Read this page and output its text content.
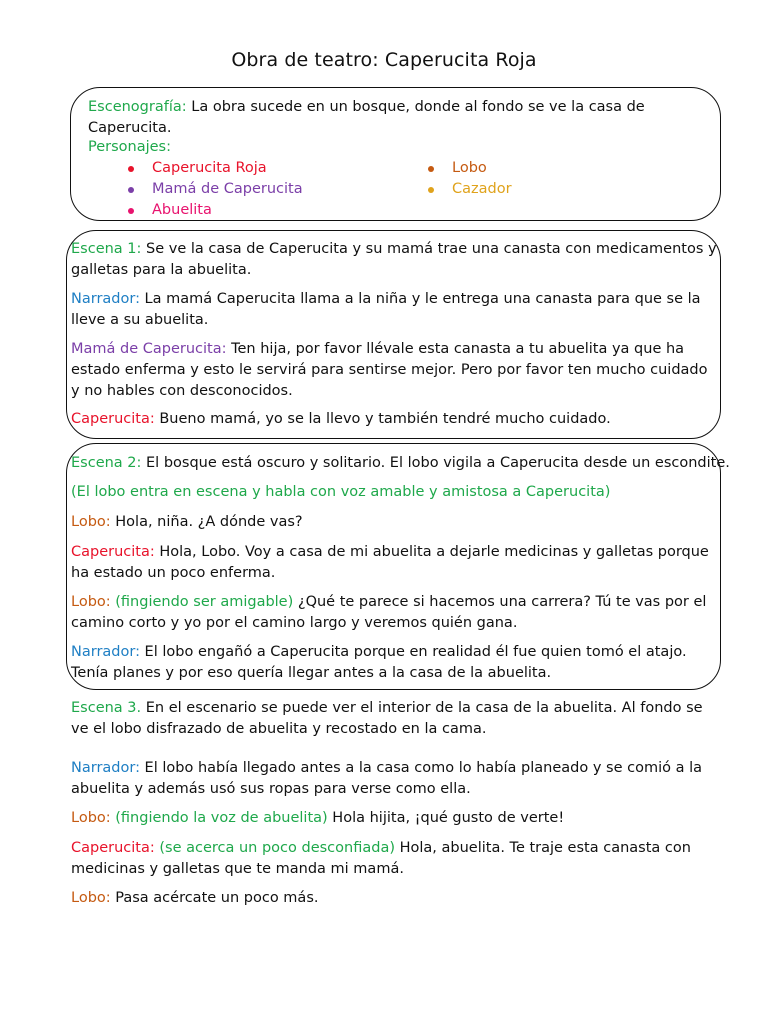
Obra de teatro: Caperucita Roja

Escenografía: La obra sucede en un bosque, donde al fondo se ve la casa de Caperucita.

Personajes:

Caperucita Roja
Mamá de Caperucita
Abuelita
Lobo
Cazador

Escena 1: Se ve la casa de Caperucita y su mamá trae una canasta con medicamentos y galletas para la abuelita.

Narrador: La mamá Caperucita llama a la niña y le entrega una canasta para que se la lleve a su abuelita.

Mamá de Caperucita: Ten hija, por favor llévale esta canasta a tu abuelita ya que ha estado enferma y esto le servirá para sentirse mejor. Pero por favor ten mucho cuidado y no hables con desconocidos.

Caperucita: Bueno mamá, yo se la llevo y también tendré mucho cuidado.

Escena 2: El bosque está oscuro y solitario. El lobo vigila a Caperucita desde un escondite.

(El lobo entra en escena y habla con voz amable y amistosa a Caperucita)

Lobo: Hola, niña. ¿A dónde vas?

Caperucita: Hola, Lobo. Voy a casa de mi abuelita a dejarle medicinas y galletas porque ha estado un poco enferma.

Lobo: (fingiendo ser amigable) ¿Qué te parece si hacemos una carrera? Tú te vas por el camino corto y yo por el camino largo y veremos quién gana.

Narrador: El lobo engañó a Caperucita porque en realidad él fue quien tomó el atajo. Tenía planes y por eso quería llegar antes a la casa de la abuelita.

Escena 3. En el escenario se puede ver el interior de la casa de la abuelita. Al fondo se ve el lobo disfrazado de abuelita y recostado en la cama.

Narrador: El lobo había llegado antes a la casa como lo había planeado y se comió a la abuelita y además usó sus ropas para verse como ella.

Lobo: (fingiendo la voz de abuelita) Hola hijita, ¡qué gusto de verte!

Caperucita: (se acerca un poco desconfiada) Hola, abuelita. Te traje esta canasta con medicinas y galletas que te manda mi mamá.

Lobo: Pasa acércate un poco más.
